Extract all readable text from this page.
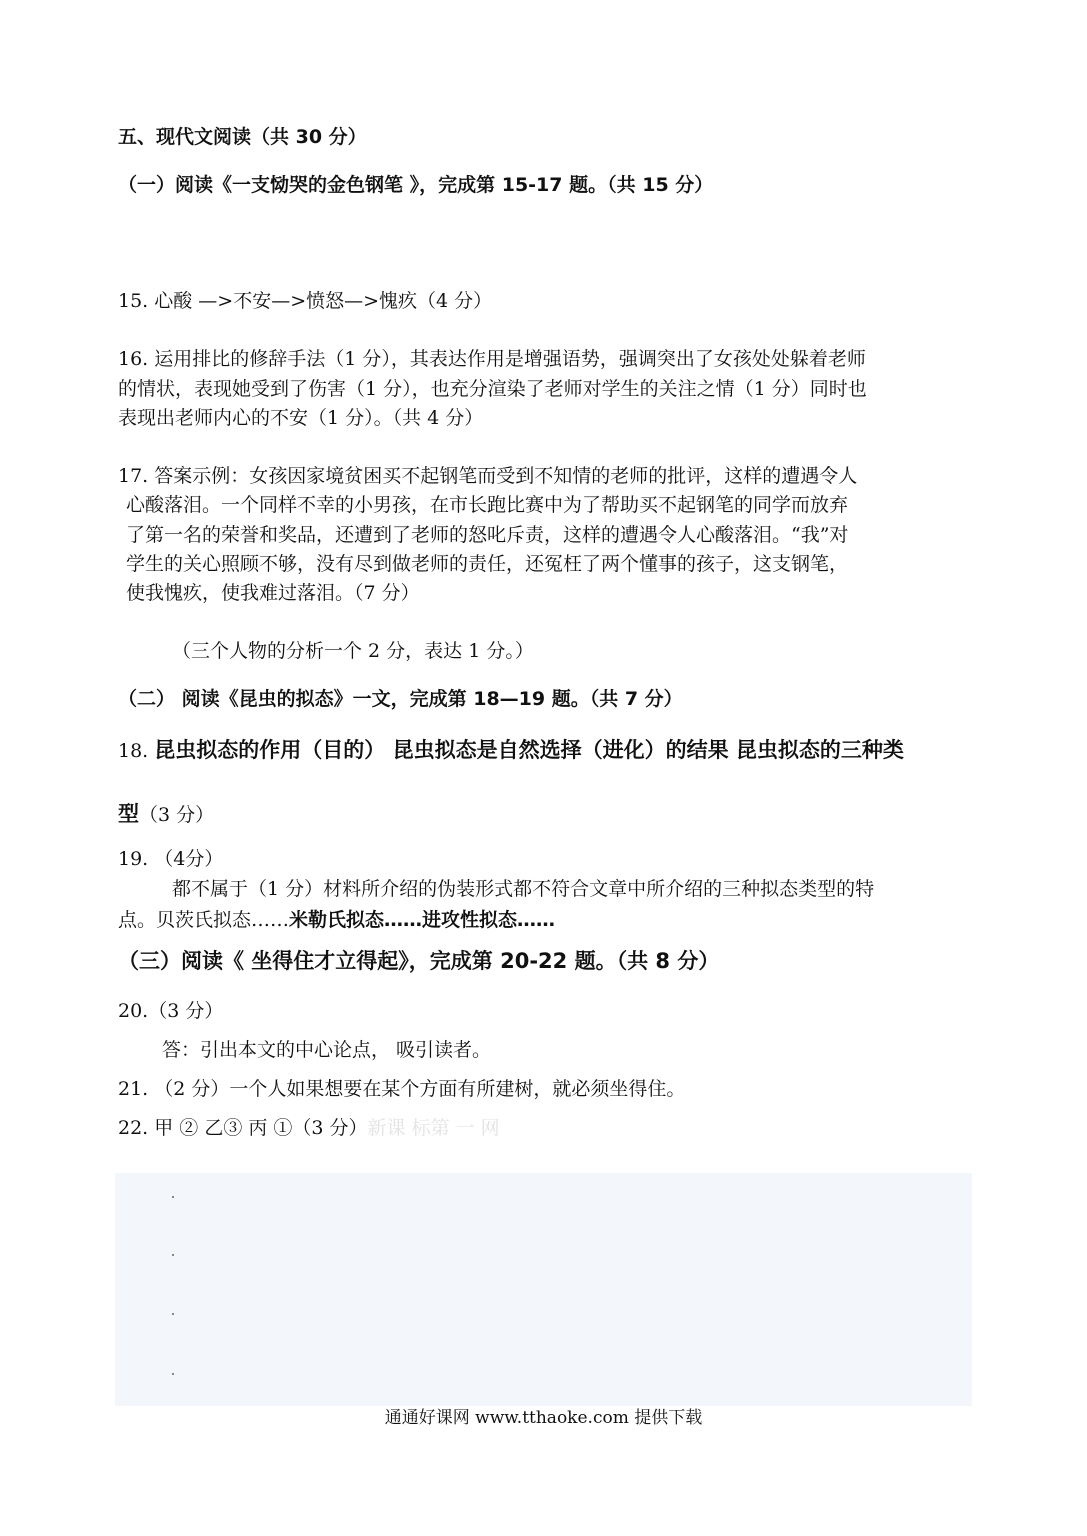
五、现代文阅读（共 30 分）
（一）阅读《一支恸哭的金色钢笔 》，完成第 15-17 题。（共 15 分）
15. 心酸 —>不安—>愤怒—>愧疚（4 分）
16. 运用排比的修辞手法（1 分），其表达作用是增强语势，强调突出了女孩处处躲着老师
的情状，表现她受到了伤害（1 分），也充分渲染了老师对学生的关注之情（1 分）同时也
表现出老师内心的不安（1 分）。（共 4 分）
17. 答案示例：女孩因家境贫困买不起钢笔而受到不知情的老师的批评，这样的遭遇令人
心酸落泪。一个同样不幸的小男孩，在市长跑比赛中为了帮助买不起钢笔的同学而放弃
了第一名的荣誉和奖品，还遭到了老师的怒叱斥责，这样的遭遇令人心酸落泪。“我”对
学生的关心照顾不够，没有尽到做老师的责任，还冤枉了两个懂事的孩子，这支钢笔，
使我愧疚，使我难过落泪。（7 分）
（三个人物的分析一个 2 分，表达 1 分。）
（二） 阅读《昆虫的拟态》一文，完成第 18—19 题。（共 7 分）
18. 昆虫拟态的作用（目的） 昆虫拟态是自然选择（进化）的结果 昆虫拟态的三种类
型（3 分）
19. （4分）
都不属于（1 分）材料所介绍的伪装形式都不符合文章中所介绍的三种拟态类型的特
点。贝茨氏拟态……米勒氏拟态……进攻性拟态……
（三）阅读《 坐得住才立得起》，完成第 20-22 题。（共 8 分）
20.（3 分）
答：引出本文的中心论点， 吸引读者。
21. （2 分）一个人如果想要在某个方面有所建树，就必须坐得住。
22. 甲 ② 乙③ 丙 ①（3 分）新课 标第 一 网
通通好课网 www.tthaoke.com 提供下载
